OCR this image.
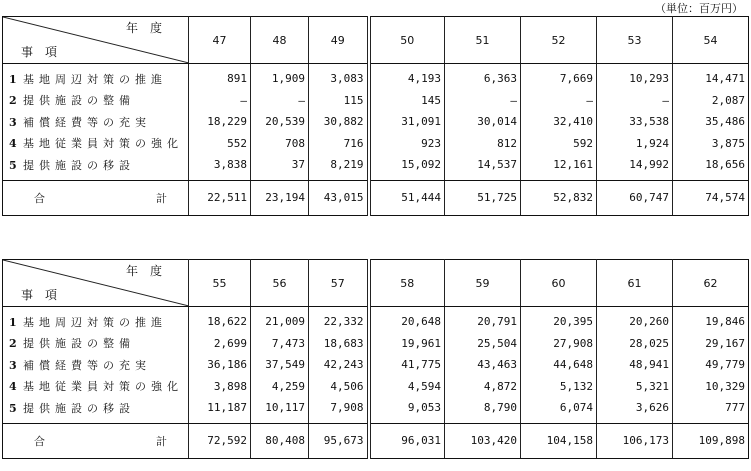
（単位：百万円）
年　度
事　項	47	48	49	50	51	52	53	54
1 基地周辺対策の推進	891	1,909	3,083	4,193	6,363	7,669	10,293	14,471
2 提供施設の整備	—	—	115	145	—	—	—	2,087
3 補償経費等の充実	18,229	20,539	30,882	31,091	30,014	32,410	33,538	35,486
4 基地従業員対策の強化	552	708	716	923	812	592	1,924	3,875
5 提供施設の移設	3,838	37	8,219	15,092	14,537	12,161	14,992	18,656

合 計	22,511	23,194	43,015	51,444	51,725	52,832	60,747	74,574
年　度
事　項	55	56	57	58	59	60	61	62
1 基地周辺対策の推進	18,622	21,009	22,332	20,648	20,791	20,395	20,260	19,846
2 提供施設の整備	2,699	7,473	18,683	19,961	25,504	27,908	28,025	29,167
3 補償経費等の充実	36,186	37,549	42,243	41,775	43,463	44,648	48,941	49,779
4 基地従業員対策の強化	3,898	4,259	4,506	4,594	4,872	5,132	5,321	10,329
5 提供施設の移設	11,187	10,117	7,908	9,053	8,790	6,074	3,626	777

合 計	72,592	80,408	95,673	96,031	103,420	104,158	106,173	109,898
